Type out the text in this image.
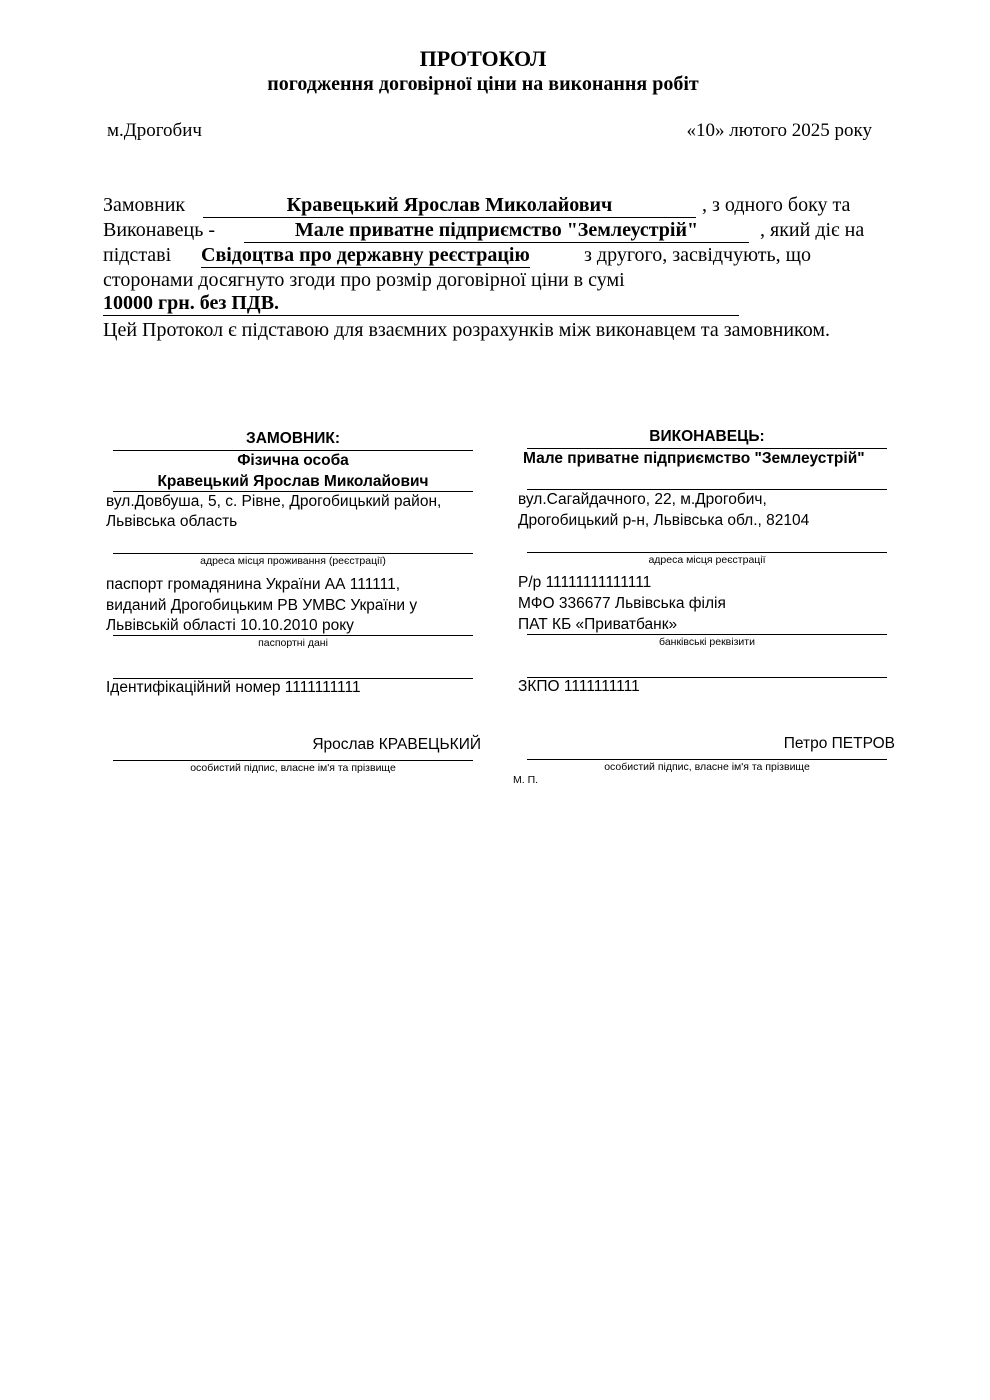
ПРОТОКОЛ
погодження договірної ціни на виконання робіт
м.Дрогобич	«10» лютого 2025 року
Замовник	Кравецький Ярослав Миколайович	, з одного боку та
Виконавець -	Мале приватне підприємство "Землеустрій"	, який діє на
підставі Свідоцтва про державну реєстрацію	з другого, засвідчують, що
сторонами досягнуто згоди про розмір договірної ціни в сумі
10000 грн. без ПДВ.
Цей Протокол є підставою для взаємних розрахунків між виконавцем та замовником.
ЗАМОВНИК:
Фізична особа
Кравецький Ярослав Миколайович
вул.Довбуша, 5, с. Рівне, Дрогобицький район,
Львівська область
адреса місця проживання (реєстрації)
паспорт громадянина України АА 111111,
виданий Дрогобицьким РВ УМВС України у
Львівській області 10.10.2010 року
паспортні дані
Ідентифікаційний номер 1111111111
Ярослав КРАВЕЦЬКИЙ
особистий підпис, власне ім'я та прізвище
ВИКОНАВЕЦЬ:
Мале приватне підприємство "Землеустрій"
вул.Сагайдачного, 22, м.Дрогобич,
Дрогобицький р-н, Львівська обл., 82104
адреса місця реєстрації
Р/р 11111111111111
МФО 336677 Львівська філія
ПАТ КБ «Приватбанк»
банківські реквізити
ЗКПО 1111111111
Петро ПЕТРОВ
особистий підпис, власне ім'я та прізвище
М. П.
